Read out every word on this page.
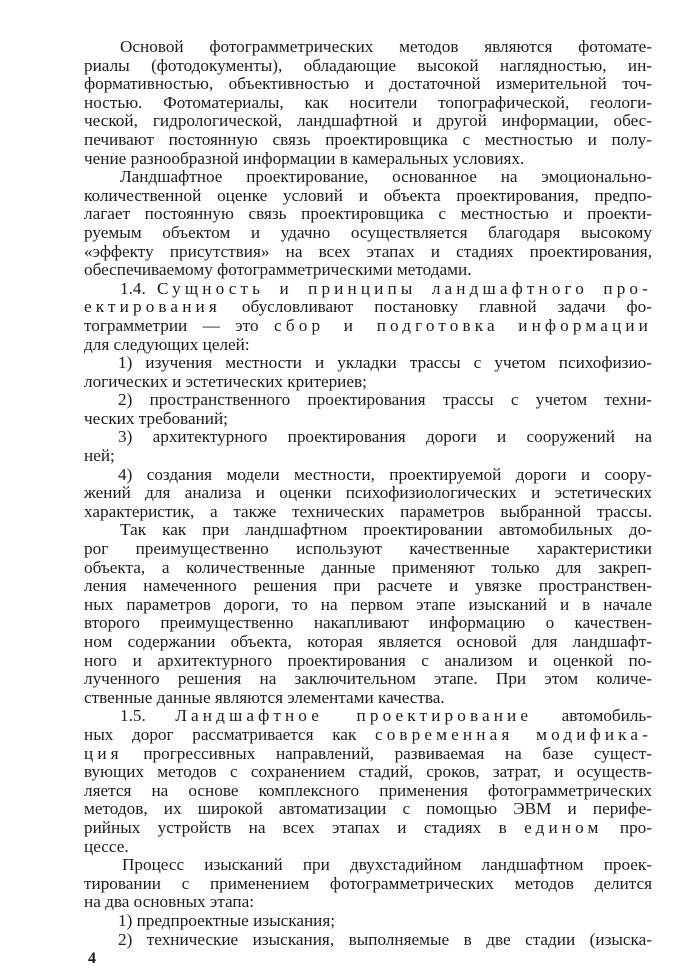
Основой фотограмметрических методов являются фотомате-
риалы (фотодокументы), обладающие высокой наглядностью, ин-
формативностью, объективностью и достаточной измерительной точ-
ностью. Фотоматериалы, как носители топографической, геологи-
ческой, гидрологической, ландшафтной и другой информации, обес-
печивают постоянную связь проектировщика с местностью и полу-
чение разнообразной информации в камеральных условиях.
Ландшафтное проектирование, основанное на эмоционально-
количественной оценке условий и объекта проектирования, предпо-
лагает постоянную связь проектировщика с местностью и проекти-
руемым объектом и удачно осуществляется благодаря высокому
«эффекту присутствия» на всех этапах и стадиях проектирования,
обеспечиваемому фотограмметрическими методами.
1.4. Сущность и принципы ландшафтного про-
ектирования обусловливают постановку главной задачи фо-
тограмметрии — это сбор и подготовка информации
для следующих целей:
1) изучения местности и укладки трассы с учетом психофизио-
логических и эстетических критериев;
2) пространственного проектирования трассы с учетом техни-
ческих требований;
3) архитектурного проектирования дороги и сооружений на
ней;
4) создания модели местности, проектируемой дороги и соору-
жений для анализа и оценки психофизиологических и эстетических
характеристик, а также технических параметров выбранной трассы.
Так как при ландшафтном проектировании автомобильных до-
рог преимущественно используют качественные характеристики
объекта, а количественные данные применяют только для закреп-
ления намеченного решения при расчете и увязке пространствен-
ных параметров дороги, то на первом этапе изысканий и в начале
второго преимущественно накапливают информацию о качествен-
ном содержании объекта, которая является основой для ландшафт-
ного и архитектурного проектирования с анализом и оценкой по-
лученного решения на заключительном этапе. При этом количе-
ственные данные являются элементами качества.
1.5. Ландшафтное проектирование автомобиль-
ных дорог рассматривается как современная модифика-
ция прогрессивных направлений, развиваемая на базе сущест-
вующих методов с сохранением стадий, сроков, затрат, и осуществ-
ляется на основе комплексного применения фотограмметрических
методов, их широкой автоматизации с помощью ЭВМ и перифе-
рийных устройств на всех этапах и стадиях в едином про-
цессе.
Процесс изысканий при двухстадийном ландшафтном проек-
тировании с применением фотограмметрических методов делится
на два основных этапа:
1) предпроектные изыскания;
2) технические изыскания, выполняемые в две стадии (изыска-
4
